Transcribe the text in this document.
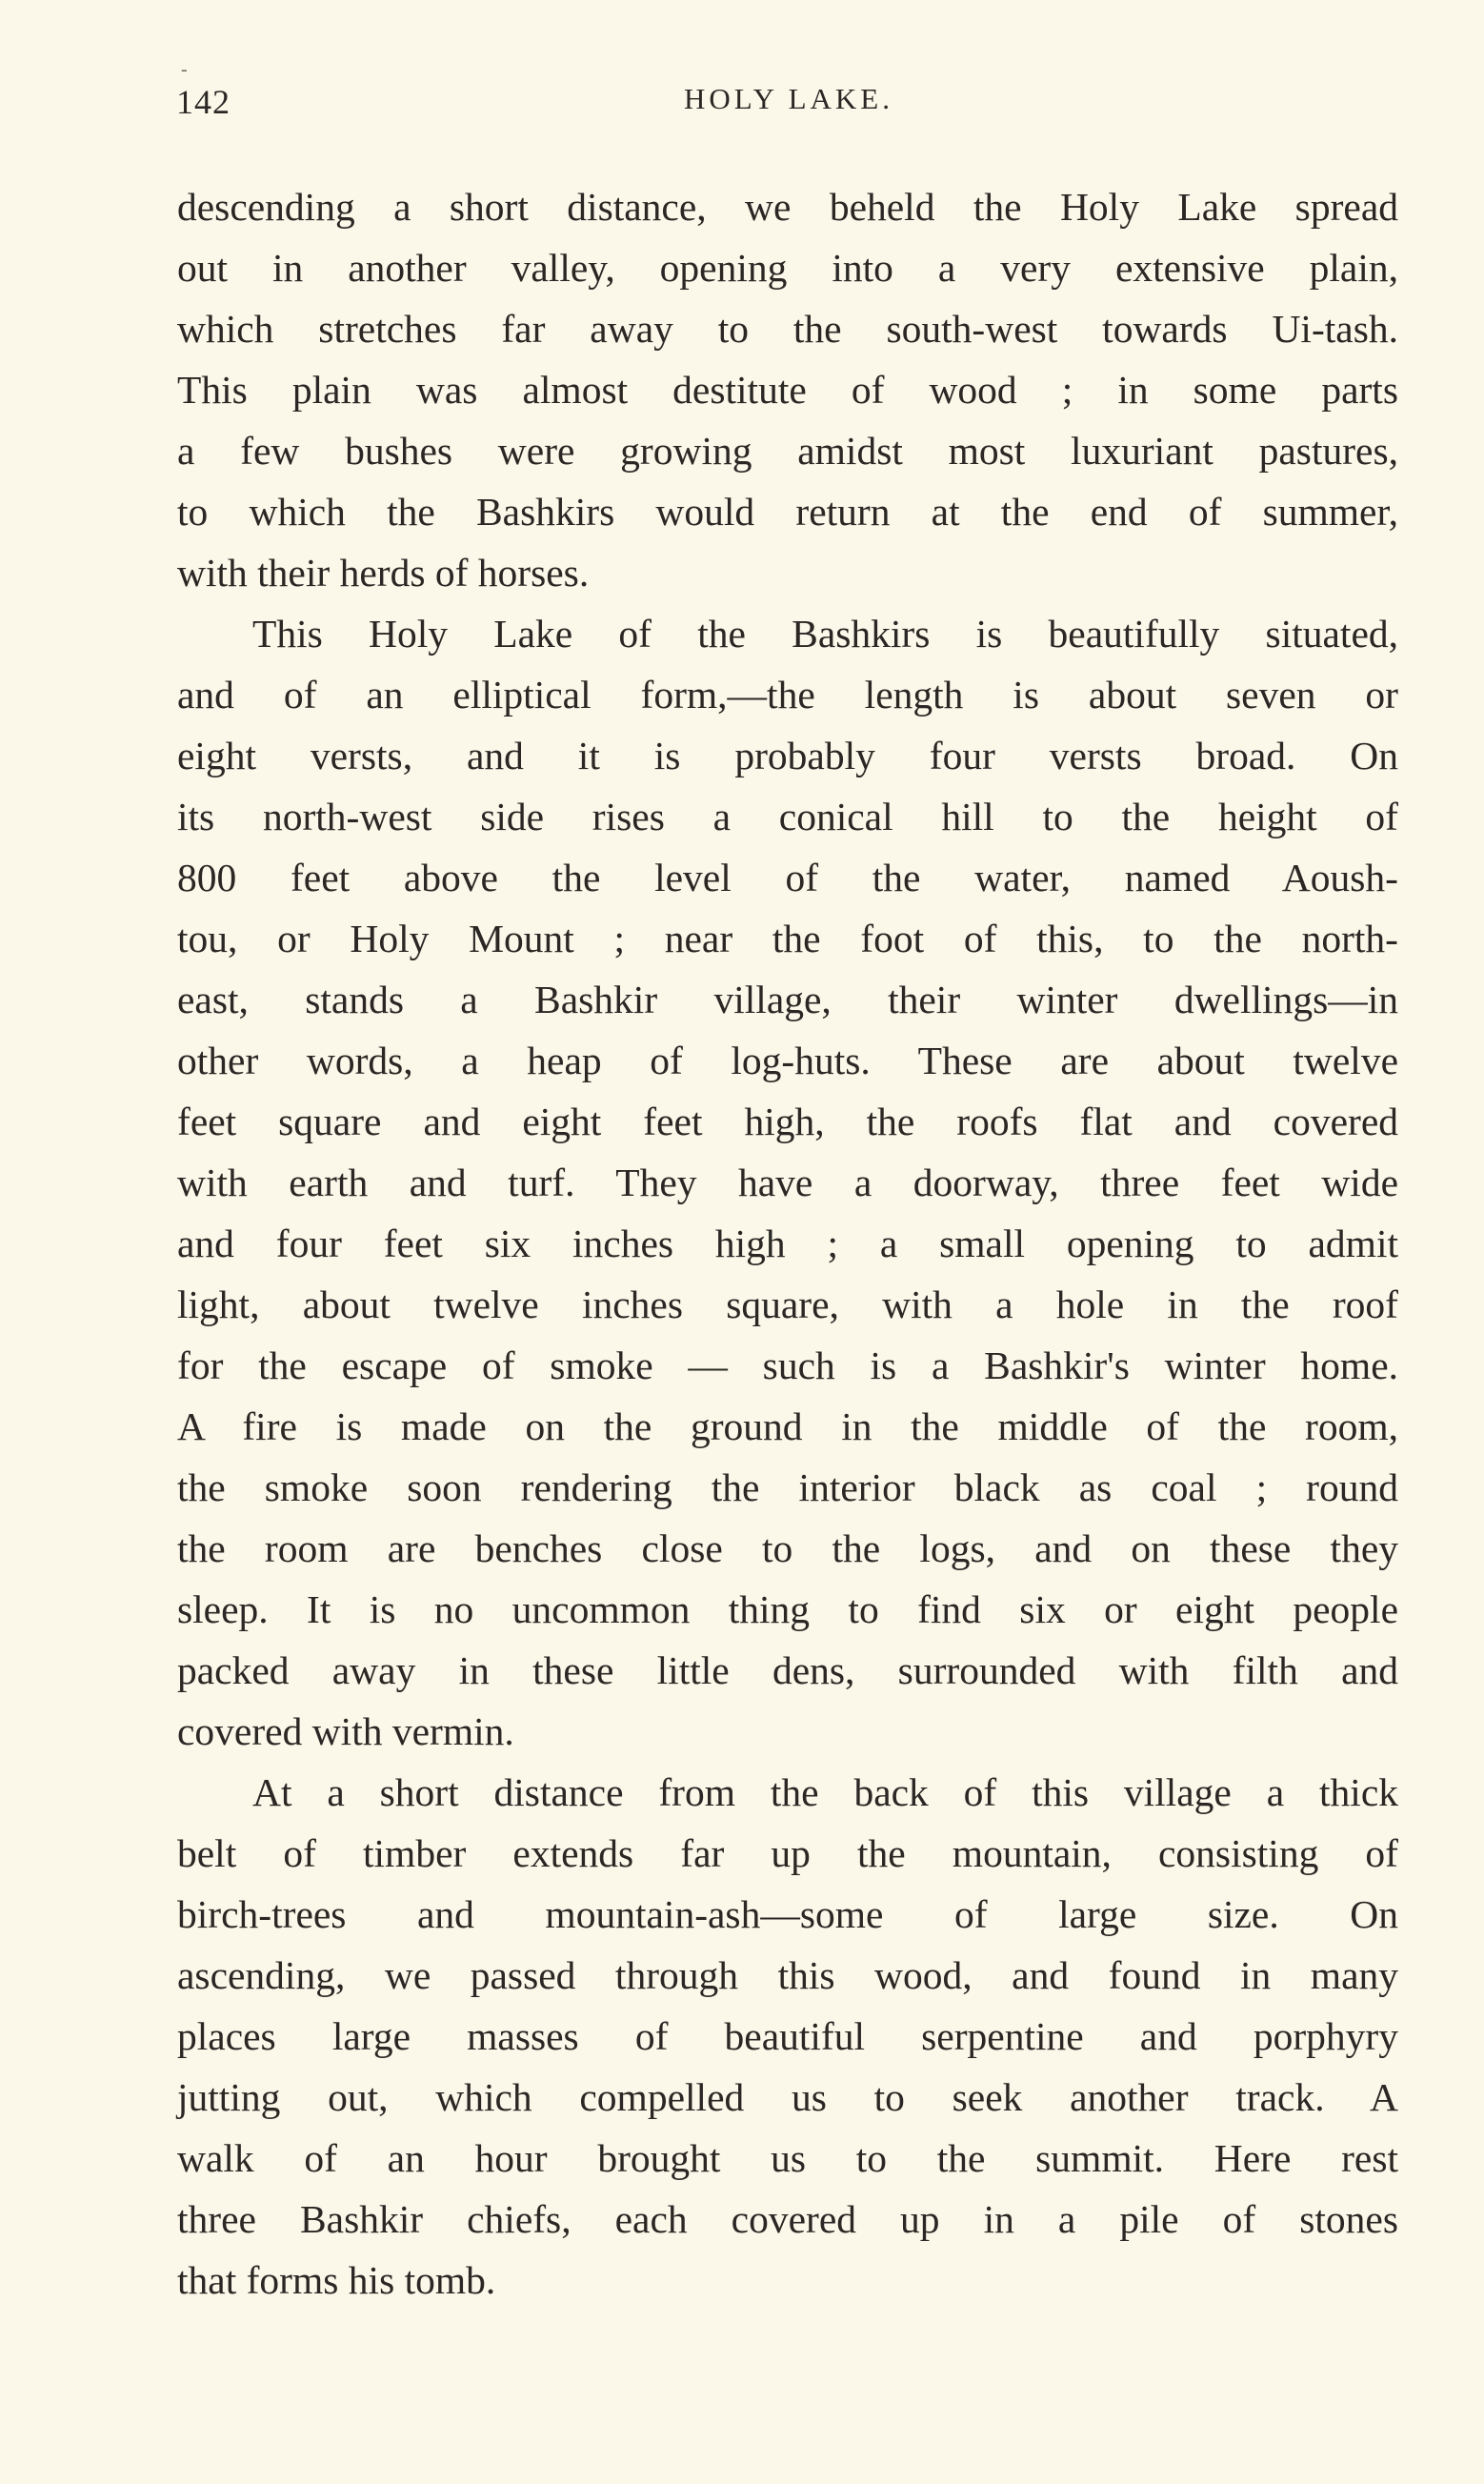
-
142	HOLY LAKE.
descending a short distance, we beheld the Holy Lake spread
out in another valley, opening into a very extensive plain,
which stretches far away to the south-west towards Ui-tash.
This plain was almost destitute of wood ; in some parts
a few bushes were growing amidst most luxuriant pastures,
to which the Bashkirs would return at the end of summer,
with their herds of horses.
This Holy Lake of the Bashkirs is beautifully situated,
and of an elliptical form,—the length is about seven or
eight versts, and it is probably four versts broad. On
its north-west side rises a conical hill to the height of
800 feet above the level of the water, named Aoush-
tou, or Holy Mount ; near the foot of this, to the north-
east, stands a Bashkir village, their winter dwellings—in
other words, a heap of log-huts. These are about twelve
feet square and eight feet high, the roofs flat and covered
with earth and turf. They have a doorway, three feet wide
and four feet six inches high ; a small opening to admit
light, about twelve inches square, with a hole in the roof
for the escape of smoke — such is a Bashkir's winter home.
A fire is made on the ground in the middle of the room,
the smoke soon rendering the interior black as coal ; round
the room are benches close to the logs, and on these they
sleep. It is no uncommon thing to find six or eight people
packed away in these little dens, surrounded with filth and
covered with vermin.
At a short distance from the back of this village a thick
belt of timber extends far up the mountain, consisting of
birch-trees and mountain-ash—some of large size. On
ascending, we passed through this wood, and found in many
places large masses of beautiful serpentine and porphyry
jutting out, which compelled us to seek another track. A
walk of an hour brought us to the summit. Here rest
three Bashkir chiefs, each covered up in a pile of stones
that forms his tomb.
